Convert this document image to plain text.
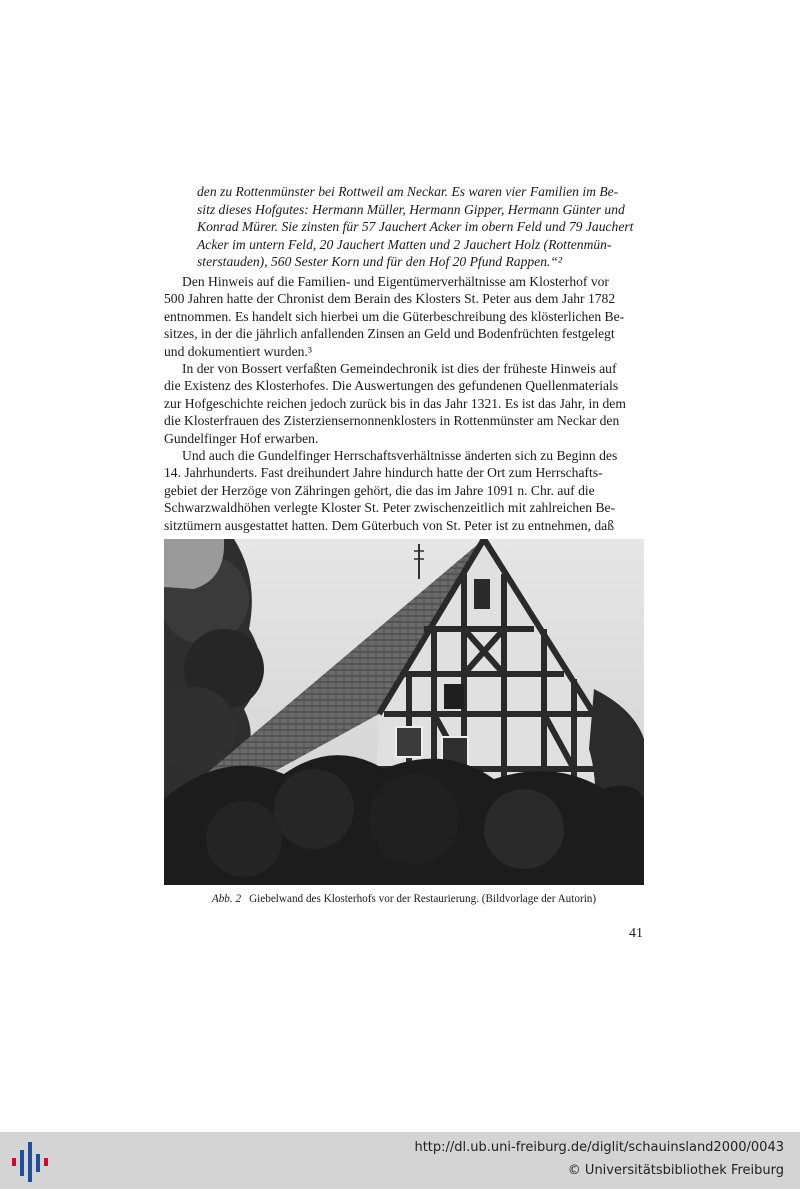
den zu Rottenmünster bei Rottweil am Neckar. Es waren vier Familien im Be-

sitz dieses Hofgutes: Hermann Müller, Hermann Gipper, Hermann Günter und

Konrad Mürer. Sie zinsten für 57 Jauchert Acker im obern Feld und 79 Jauchert

Acker im untern Feld, 20 Jauchert Matten und 2 Jauchert Holz (Rottenmün-

sterstauden), 560 Sester Korn und für den Hof 20 Pfund Rappen.“²

Den Hinweis auf die Familien- und Eigentümerverhältnisse am Klosterhof vor

500 Jahren hatte der Chronist dem Berain des Klosters St. Peter aus dem Jahr 1782

entnommen. Es handelt sich hierbei um die Güterbeschreibung des klösterlichen Be-

sitzes, in der die jährlich anfallenden Zinsen an Geld und Bodenfrüchten festgelegt

und dokumentiert wurden.³

In der von Bossert verfaßten Gemeindechronik ist dies der früheste Hinweis auf

die Existenz des Klosterhofes. Die Auswertungen des gefundenen Quellenmaterials

zur Hofgeschichte reichen jedoch zurück bis in das Jahr 1321. Es ist das Jahr, in dem

die Klosterfrauen des Zisterziensernonnenklosters in Rottenmünster am Neckar den

Gundelfinger Hof erwarben.

Und auch die Gundelfinger Herrschaftsverhältnisse änderten sich zu Beginn des

14. Jahrhunderts. Fast dreihundert Jahre hindurch hatte der Ort zum Herrschafts-

gebiet der Herzöge von Zähringen gehört, die das im Jahre 1091 n. Chr. auf die

Schwarzwaldhöhen verlegte Kloster St. Peter zwischenzeitlich mit zahlreichen Be-

sitztümern ausgestattet hatten. Dem Güterbuch von St. Peter ist zu entnehmen, daß

Abb. 2 Giebelwand des Klosterhofs vor der Restaurierung. (Bildvorlage der Autorin)
41
http://dl.ub.uni-freiburg.de/diglit/schauinsland2000/0043
© Universitätsbibliothek Freiburg
